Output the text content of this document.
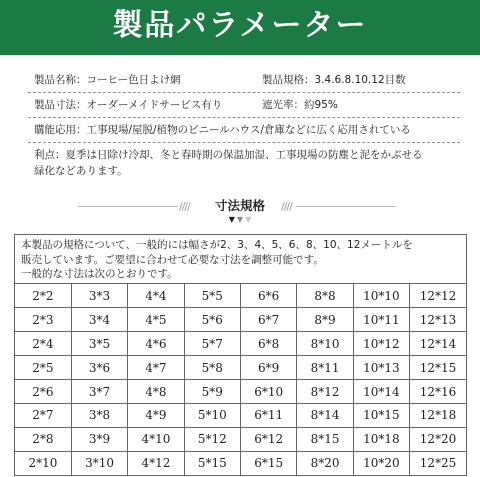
製品パラメーター
製品名称：コーヒー色日よけ網	製品規格：3.4.6.8.10.12目数
製品寸法：オーダーメイドサービス有り	遮光率：約95%
購能応用：工事現場/屋脱/植物のビニールハウス/倉庫などに広く応用されている
利点：夏季は日除け冷却、冬と春時期の保温加湿、工事現場の防塵と泥をかぶせる
緑化などあります。
////	寸法規格	////
▼ ▼ ▼

本製品の規格について、一般的には幅さが2、3、4、5、6、8、10、12メートルを

販売しています。ご要望に合わせて必要な寸法を調整可能です。

一般的な寸法は次のとおりです。

2*2	3*3	4*4	5*5	6*6	8*8	10*10	12*12
2*3	3*4	4*5	5*6	6*7	8*9	10*11	12*13
2*4	3*5	4*6	5*7	6*8	8*10	10*12	12*14
2*5	3*6	4*7	5*8	6*9	8*11	10*13	12*15
2*6	3*7	4*8	5*9	6*10	8*12	10*14	12*16
2*7	3*8	4*9	5*10	6*11	8*14	10*15	12*18
2*8	3*9	4*10	5*12	6*12	8*15	10*18	12*20
2*10	3*10	4*12	5*15	6*15	8*20	10*20	12*25
